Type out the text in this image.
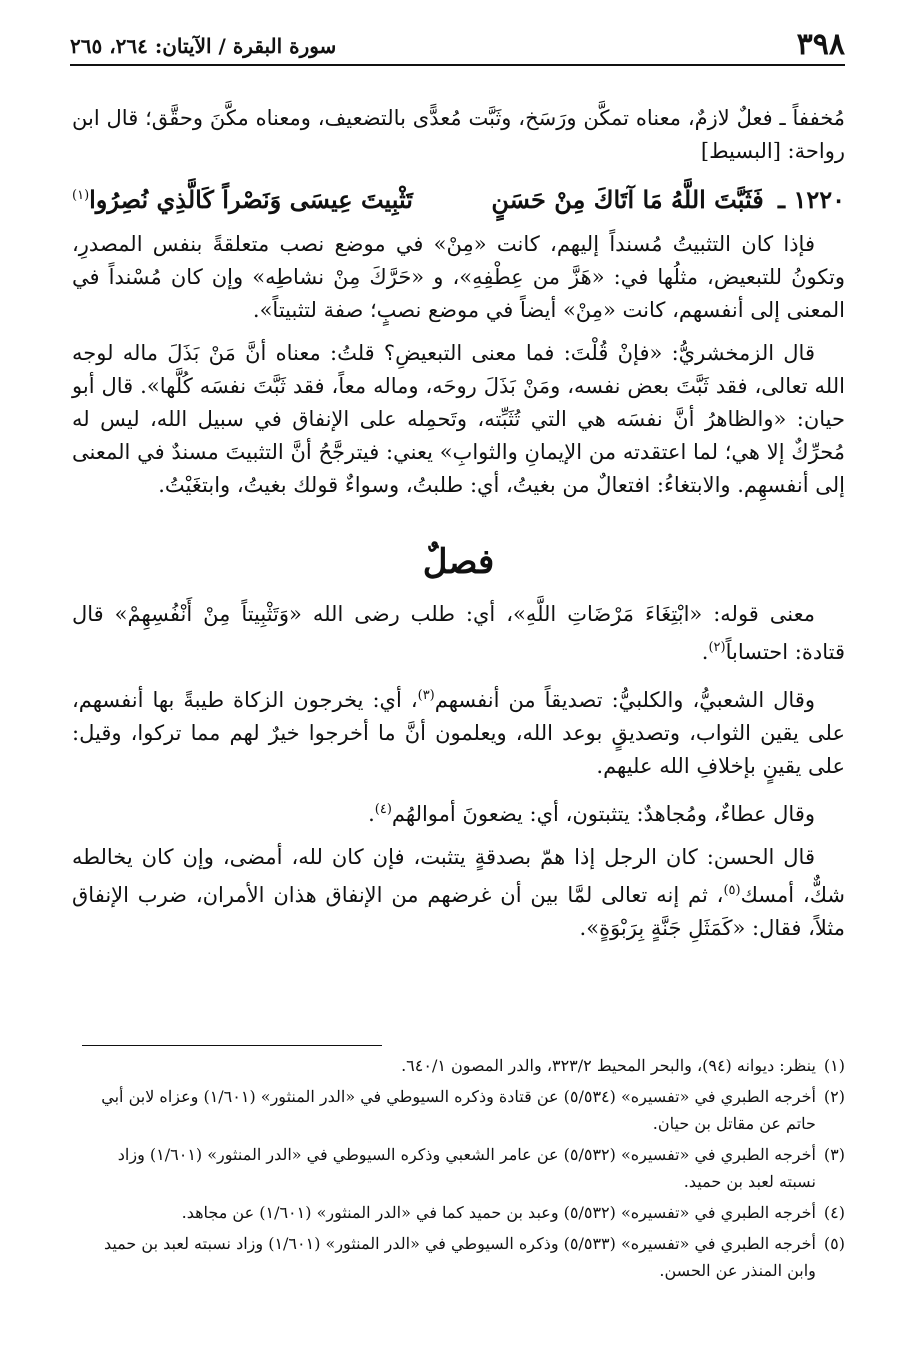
٣٩٨
سورة البقرة / الآيتان: ٢٦٤، ٢٦٥

مُخففاً ـ فعلٌ لازمٌ، معناه تمكَّن ورَسَخ، وثَبَّت مُعدًّى بالتضعيف، ومعناه مكَّنَ وحقَّق؛ قال ابن رواحة: [البسيط]

١٢٢٠ ـ فَثَبَّتَ اللَّهُ مَا آتَاكَ مِنْ حَسَنٍ
تَثْبِيتَ عِيسَى وَنَصْراً كَالَّذِي نُصِرُوا$^{(١)}$

فإذا كان التثبيتُ مُسنداً إليهم، كانت «مِنْ» في موضع نصب متعلقةً بنفس المصدرِ، وتكونُ للتبعيض، مثلُها في: «هَزَّ من عِطْفِهِ»، و «حَرَّكَ مِنْ نشاطِه» وإن كان مُسْنداً في المعنى إلى أنفسهم، كانت «مِنْ» أيضاً في موضع نصبٍ؛ صفة لتثبيتاً».

قال الزمخشريُّ: «فإنْ قُلْتَ: فما معنى التبعيضِ؟ قلتُ: معناه أنَّ مَنْ بَذَلَ ماله لوجه الله تعالى، فقد ثَبَّتَ بعض نفسه، ومَنْ بَذَلَ روحَه، وماله معاً، فقد ثَبَّتَ نفسَه كُلَّها». قال أبو حيان: «والظاهرُ أنَّ نفسَه هي التي تُثَبِّته، وتَحمِله على الإنفاق في سبيل الله، ليس له مُحرِّكٌ إلا هي؛ لما اعتقدته من الإيمانِ والثوابِ» يعني: فيترجَّحُ أنَّ التثبيتَ مسندٌ في المعنى إلى أنفسهِم. والابتغاءُ: افتعالٌ من بغيتُ، أي: طلبتُ، وسواءٌ قولك بغيتُ، وابتغَيْتُ.

فصلٌ

معنى قوله: «ابْتِغَاءَ مَرْضَاتِ اللَّهِ»، أي: طلب رضى الله «وَتَثْبِيتاً مِنْ أَنْفُسِهِمْ» قال قتادة: احتساباً$^{(٢)}$.

وقال الشعبيُّ، والكلبيُّ: تصديقاً من أنفسهم$^{(٣)}$، أي: يخرجون الزكاة طيبةً بها أنفسهم، على يقين الثواب، وتصديقٍ بوعد الله، ويعلمون أنَّ ما أخرجوا خيرٌ لهم مما تركوا، وقيل: على يقينٍ بإخلافِ الله عليهم.

وقال عطاءٌ، ومُجاهدٌ: يتثبتون، أي: يضعونَ أموالهُم$^{(٤)}$.

قال الحسن: كان الرجل إذا همّ بصدقةٍ يتثبت، فإن كان لله، أمضى، وإن كان يخالطه شكٌّ، أمسك$^{(٥)}$، ثم إنه تعالى لمَّا بين أن غرضهم من الإنفاق هذان الأمران، ضرب الإنفاق مثلاً، فقال: «كَمَثَلِ جَنَّةٍ بِرَبْوَةٍ».

(١)
ينظر: ديوانه (٩٤)، والبحر المحيط ٣٢٣/٢، والدر المصون ٦٤٠/١.
(٢)
أخرجه الطبري في «تفسيره» (٥/٥٣٤) عن قتادة وذكره السيوطي في «الدر المنثور» (١/٦٠١) وعزاه لابن أبي حاتم عن مقاتل بن حيان.
(٣)
أخرجه الطبري في «تفسيره» (٥/٥٣٢) عن عامر الشعبي وذكره السيوطي في «الدر المنثور» (١/٦٠١) وزاد نسبته لعبد بن حميد.
(٤)
أخرجه الطبري في «تفسيره» (٥/٥٣٢) وعبد بن حميد كما في «الدر المنثور» (١/٦٠١) عن مجاهد.
(٥)
أخرجه الطبري في «تفسيره» (٥/٥٣٣) وذكره السيوطي في «الدر المنثور» (١/٦٠١) وزاد نسبته لعبد بن حميد وابن المنذر عن الحسن.
